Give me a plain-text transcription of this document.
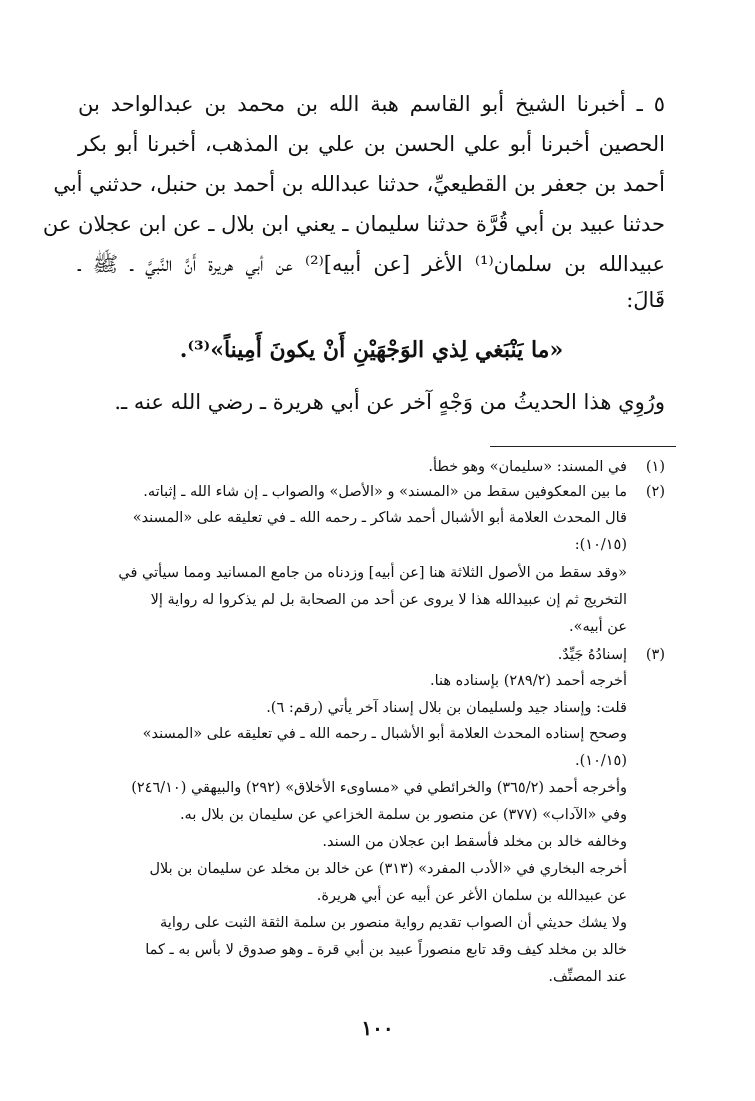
٥ ـ أخبرنا الشيخ أبو القاسم هبة الله بن محمد بن عبدالواحد بن
الحصين أخبرنا أبو علي الحسن بن علي بن المذهب، أخبرنا أبو بكر
أحمد بن جعفر بن القطيعيِّ، حدثنا عبدالله بن أحمد بن حنبل، حدثني أبي
حدثنا عبيد بن أبي قُرَّة حدثنا سليمان ـ يعني ابن بلال ـ عن ابن عجلان عن
عبيدالله بن سلمان⁽¹⁾ الأغر [عن أبيه]⁽²⁾ عن أبي هريرة أَنَّ النَّبيَّ ـ ﷺ ـ
قَالَ:
«ما يَنْبَغي لِذي الوَجْهَيْنِ أَنْ يكونَ أَمِيناً»⁽³⁾.
ورُوِي هذا الحديثُ من وَجْهٍ آخر عن أبي هريرة ـ رضي الله عنه ـ.
(١)
في المسند: «سليمان» وهو خطأ.
(٢)
ما بين المعكوفين سقط من «المسند» و «الأصل» والصواب ـ إن شاء الله ـ إثباته.
قال المحدث العلامة أبو الأشبال أحمد شاكر ـ رحمه الله ـ في تعليقه على «المسند»
(١٠/١٥):
«وقد سقط من الأصول الثلاثة هنا [عن أبيه] وزدناه من جامع المسانيد ومما سيأتي في
التخريج ثم إن عبيدالله هذا لا يروى عن أحد من الصحابة بل لم يذكروا له رواية إلا
عن أبيه».
(٣)
إسنادُهُ جَيِّدٌ.
أخرجه أحمد (٢٨٩/٢) بإسناده هنا.
قلت: وإسناد جيد ولسليمان بن بلال إسناد آخر يأتي (رقم: ٦).
وصحح إسناده المحدث العلامة أبو الأشبال ـ رحمه الله ـ في تعليقه على «المسند»
(١٠/١٥).
وأخرجه أحمد (٣٦٥/٢) والخرائطي في «مساوىء الأخلاق» (٢٩٢) والبيهقي (٢٤٦/١٠)
وفي «الآداب» (٣٧٧) عن منصور بن سلمة الخزاعي عن سليمان بن بلال به.
وخالفه خالد بن مخلد فأسقط ابن عجلان من السند.
أخرجه البخاري في «الأدب المفرد» (٣١٣) عن خالد بن مخلد عن سليمان بن بلال
عن عبيدالله بن سلمان الأغر عن أبيه عن أبي هريرة.
ولا يشك حديثي أن الصواب تقديم رواية منصور بن سلمة الثقة الثبت على رواية
خالد بن مخلد كيف وقد تابع منصوراً عبيد بن أبي قرة ـ وهو صدوق لا بأس به ـ كما
عند المصنِّف.
١٠٠
